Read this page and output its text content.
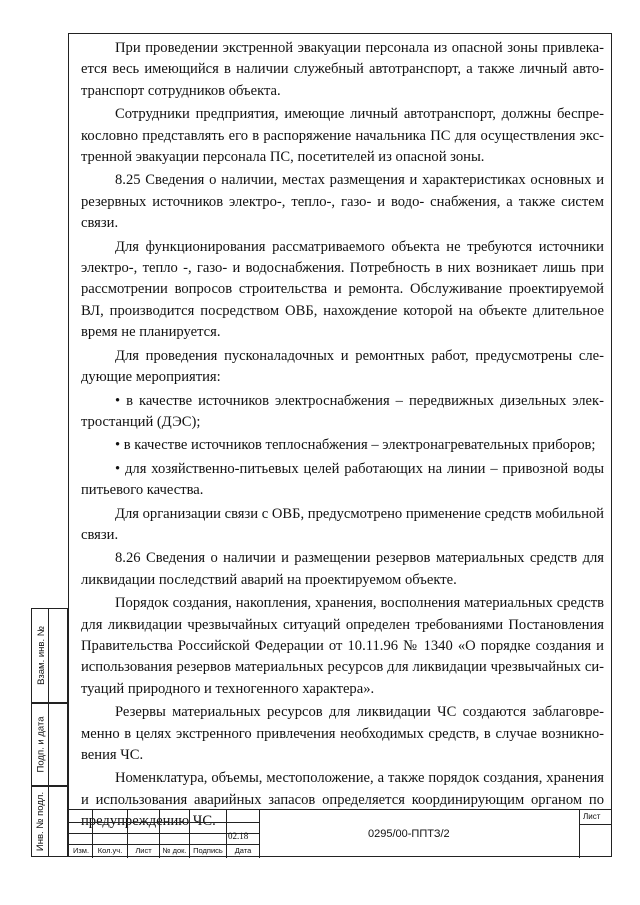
При проведении экстренной эвакуации персонала из опасной зоны привлека-ется весь имеющийся в наличии служебный автотранспорт, а также личный авто-транспорт сотрудников объекта.

Сотрудники предприятия, имеющие личный автотранспорт, должны беспре-кословно представлять его в распоряжение начальника ПС для осуществления экс-тренной эвакуации персонала ПС, посетителей из опасной зоны.

8.25 Сведения о наличии, местах размещения и характеристиках основных и резервных источников электро-, тепло-, газо- и водо- снабжения, а также систем связи.

Для функционирования рассматриваемого объекта не требуются источники электро-, тепло -, газо- и водоснабжения. Потребность в них возникает лишь при рассмотрении вопросов строительства и ремонта. Обслуживание проектируемой ВЛ, производится посредством ОВБ, нахождение которой на объекте длительное время не планируется.

Для проведения пусконаладочных и ремонтных работ, предусмотрены сле-дующие мероприятия:

• в качестве источников электроснабжения – передвижных дизельных элек-тростанций (ДЭС);

• в качестве источников теплоснабжения – электронагревательных приборов;

• для хозяйственно-питьевых целей работающих на линии – привозной воды питьевого качества.

Для организации связи с ОВБ, предусмотрено применение средств мобильной связи.

8.26 Сведения о наличии и размещении резервов материальных средств для ликвидации последствий аварий на проектируемом объекте.

Порядок создания, накопления, хранения, восполнения материальных средств для ликвидации чрезвычайных ситуаций определен требованиями Постановления Правительства Российской Федерации от 10.11.96 № 1340 «О порядке создания и использования резервов материальных ресурсов для ликвидации чрезвычайных си-туаций природного и техногенного характера».

Резервы материальных ресурсов для ликвидации ЧС создаются заблаговре-менно в целях экстренного привлечения необходимых средств, в случае возникно-вения ЧС.

Номенклатура, объемы, местоположение, а также порядок создания, хранения и использования аварийных запасов определяется координирующим органом по предупреждению ЧС.

Взам. инв. №
Подп. и дата
Инв. № подл.	Изм.	Кол.уч.	Лист	№ док. Подпись	Дата
02.18	0295/00-ППТЗ/2
Лист
